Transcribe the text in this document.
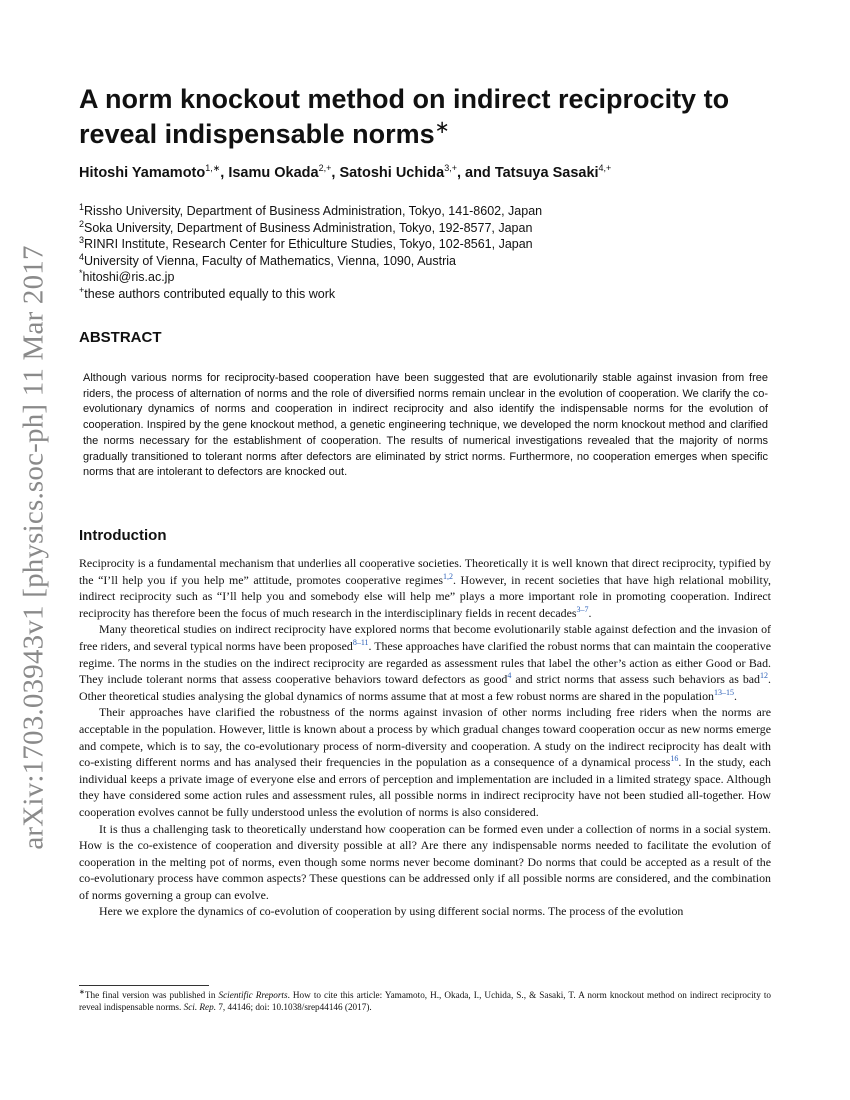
arXiv:1703.03943v1 [physics.soc-ph] 11 Mar 2017
A norm knockout method on indirect reciprocity to reveal indispensable norms∗
Hitoshi Yamamoto$^{1,∗}$, Isamu Okada$^{2,+}$, Satoshi Uchida$^{3,+}$, and Tatsuya Sasaki$^{4,+}$
$^1$Rissho University, Department of Business Administration, Tokyo, 141-8602, Japan
$^2$Soka University, Department of Business Administration, Tokyo, 192-8577, Japan
$^3$RINRI Institute, Research Center for Ethiculture Studies, Tokyo, 102-8561, Japan
$^4$University of Vienna, Faculty of Mathematics, Vienna, 1090, Austria
*hitoshi@ris.ac.jp
+these authors contributed equally to this work
ABSTRACT

Although various norms for reciprocity-based cooperation have been suggested that are evolutionarily stable against invasion from free riders, the process of alternation of norms and the role of diversified norms remain unclear in the evolution of cooperation. We clarify the co-evolutionary dynamics of norms and cooperation in indirect reciprocity and also identify the indispensable norms for the evolution of cooperation. Inspired by the gene knockout method, a genetic engineering technique, we developed the norm knockout method and clarified the norms necessary for the establishment of cooperation. The results of numerical investigations revealed that the majority of norms gradually transitioned to tolerant norms after defectors are eliminated by strict norms. Furthermore, no cooperation emerges when specific norms that are intolerant to defectors are knocked out.

Introduction

Reciprocity is a fundamental mechanism that underlies all cooperative societies. Theoretically it is well known that direct reciprocity, typified by the “I’ll help you if you help me” attitude, promotes cooperative regimes$^{1,2}$. However, in recent societies that have high relational mobility, indirect reciprocity such as “I’ll help you and somebody else will help me” plays a more important role in promoting cooperation. Indirect reciprocity has therefore been the focus of much research in the interdisciplinary fields in recent decades$^{3-7}$.

Many theoretical studies on indirect reciprocity have explored norms that become evolutionarily stable against defection and the invasion of free riders, and several typical norms have been proposed$^{8-11}$. These approaches have clarified the robust norms that can maintain the cooperative regime. The norms in the studies on the indirect reciprocity are regarded as assessment rules that label the other’s action as either Good or Bad. They include tolerant norms that assess cooperative behaviors toward defectors as good$^4$ and strict norms that assess such behaviors as bad$^{12}$. Other theoretical studies analysing the global dynamics of norms assume that at most a few robust norms are shared in the population$^{13-15}$.

Their approaches have clarified the robustness of the norms against invasion of other norms including free riders when the norms are acceptable in the population. However, little is known about a process by which gradual changes toward cooperation occur as new norms emerge and compete, which is to say, the co-evolutionary process of norm-diversity and cooperation. A study on the indirect reciprocity has dealt with co-existing different norms and has analysed their frequencies in the population as a consequence of a dynamical process$^{16}$. In the study, each individual keeps a private image of everyone else and errors of perception and implementation are included in a limited strategy space. Although they have considered some action rules and assessment rules, all possible norms in indirect reciprocity have not been studied all-together. How cooperation evolves cannot be fully understood unless the evolution of norms is also considered.

It is thus a challenging task to theoretically understand how cooperation can be formed even under a collection of norms in a social system. How is the co-existence of cooperation and diversity possible at all? Are there any indispensable norms needed to facilitate the evolution of cooperation in the melting pot of norms, even though some norms never become dominant? Do norms that could be accepted as a result of the co-evolutionary process have common aspects? These questions can be addressed only if all possible norms are considered, and the combination of norms governing a group can evolve.

Here we explore the dynamics of co-evolution of cooperation by using different social norms. The process of the evolution

∗The final version was published in Scientific Rreports. How to cite this article: Yamamoto, H., Okada, I., Uchida, S., & Sasaki, T. A norm knockout method on indirect reciprocity to reveal indispensable norms. Sci. Rep. 7, 44146; doi: 10.1038/srep44146 (2017).
